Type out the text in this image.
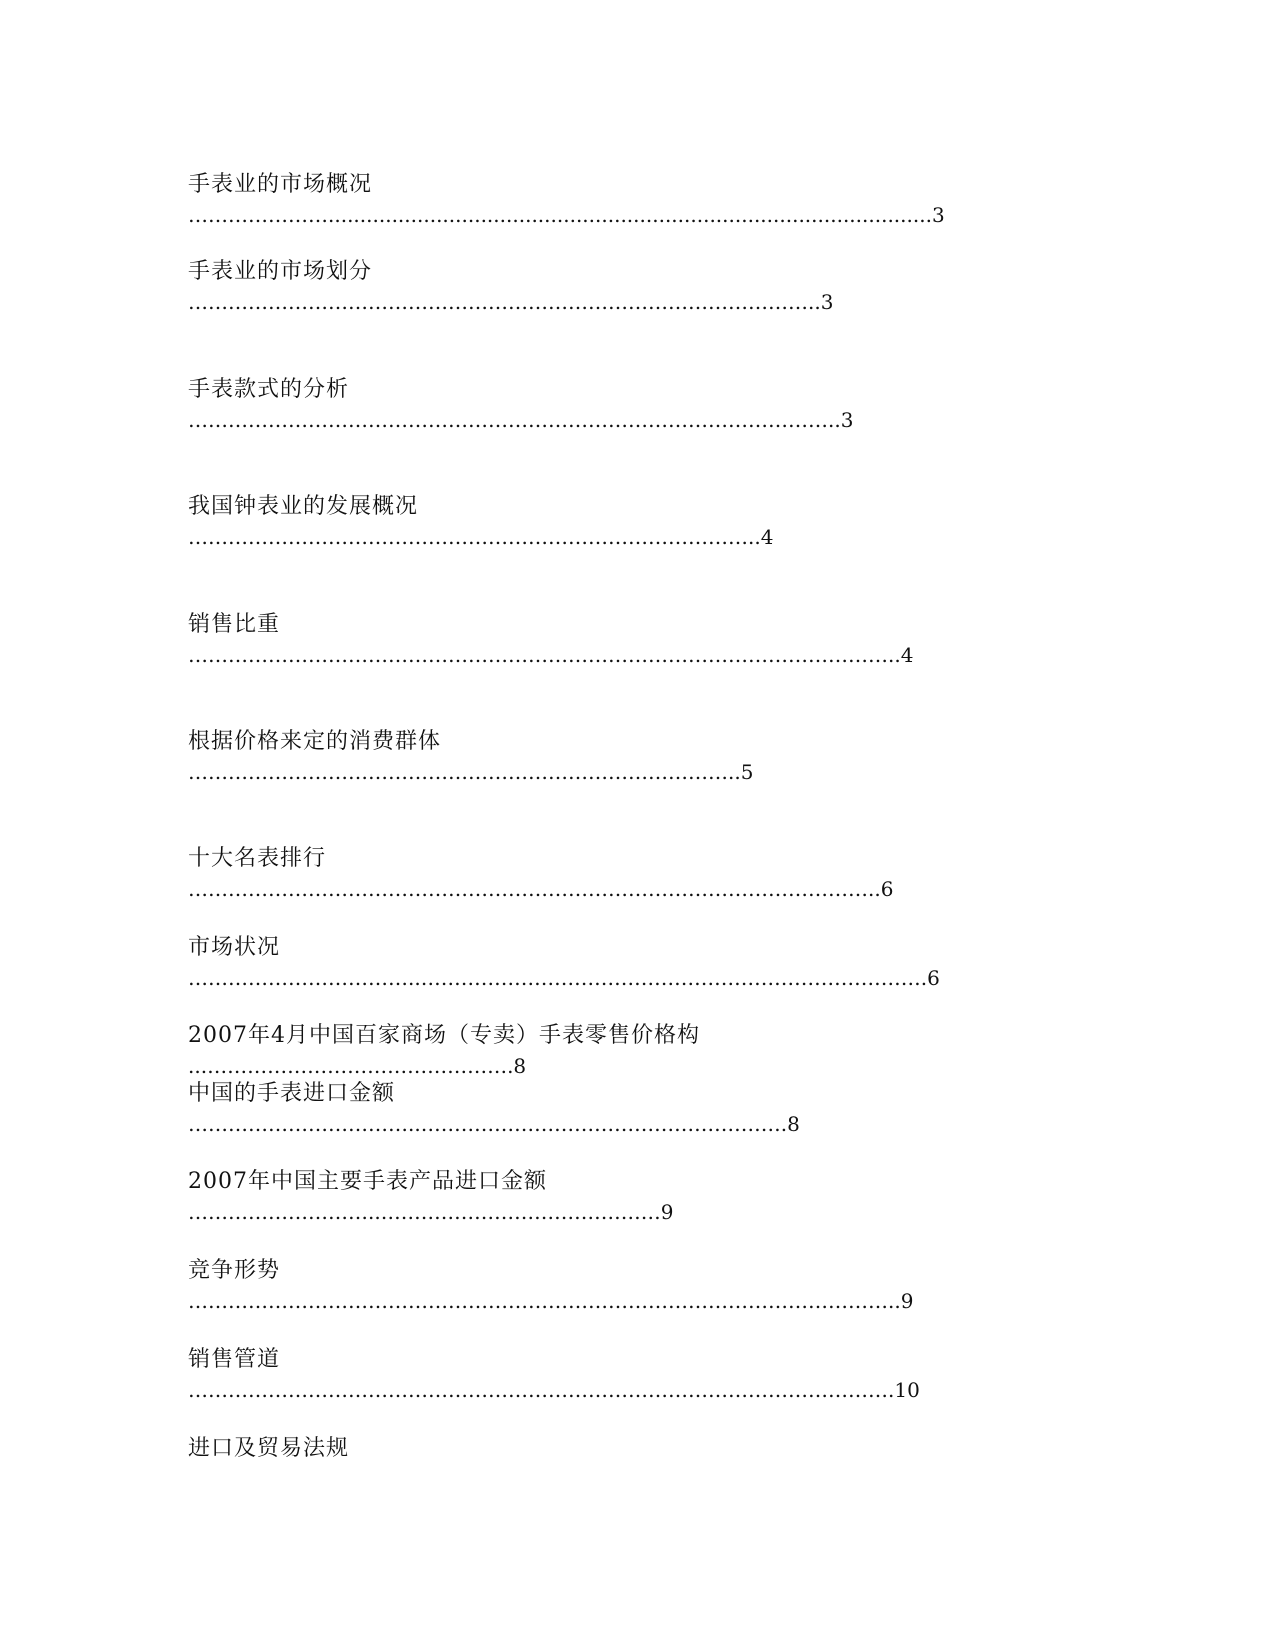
手表业的市场概况
…………………...............................................................................................3
手表业的市场划分
…………………………………………………………………………………..3
手表款式的分析
……………………………………………………………………………………..3
我国钟表业的发展概况
…………………………………………………………………………..4
销售比重
……………………………………………………………………………………………..4
根据价格来定的消费群体
………………………………………………………………………..5
十大名表排行
…………………………………………………………………………………………..6
市场状况
……………………………..………………………………………………………………….6
2007年4月中国百家商场（专卖）手表零售价格构
...……………………………………….8
中国的手表进口金额
……………………………..……………………………………………….8
2007年中国主要手表产品进口金额
………………………..……………………………………9
竞争形势
……………………………………………………………………………………………..9
销售管道
…………………………………………………………………………………………….10
进口及贸易法规
